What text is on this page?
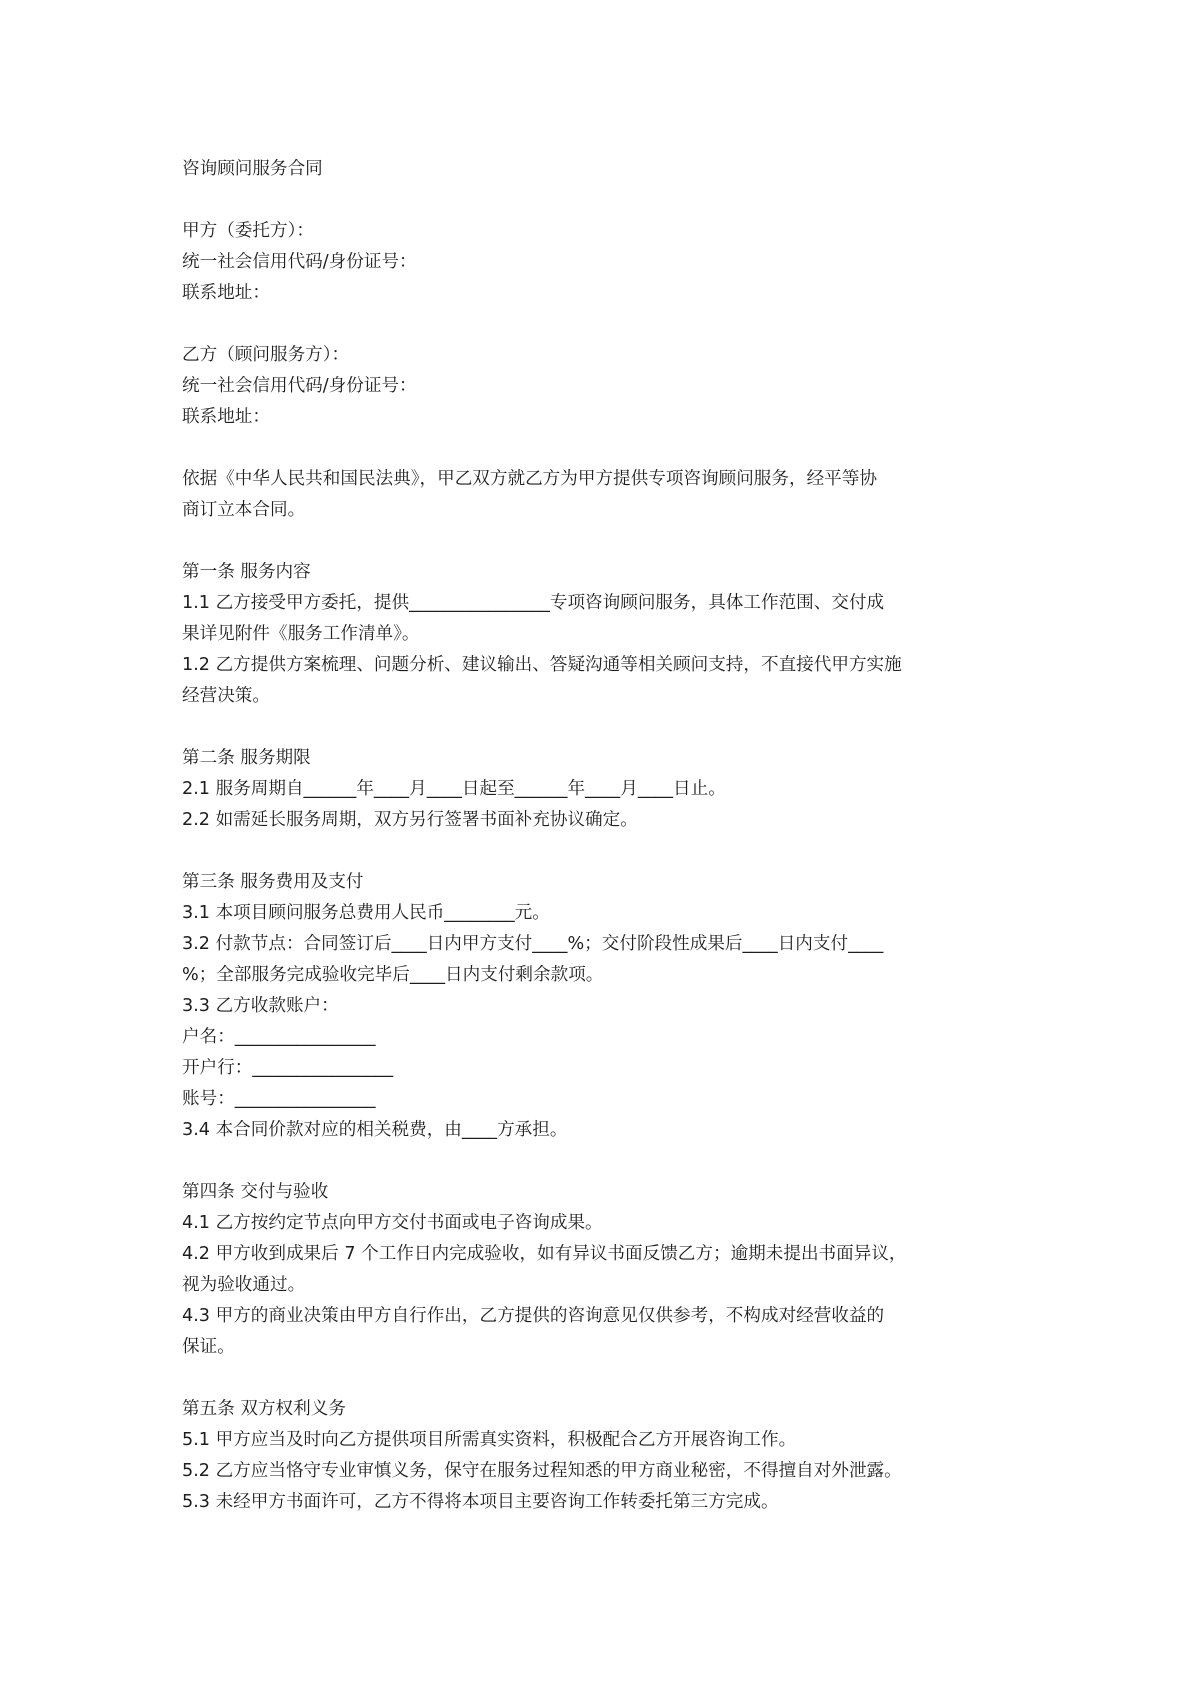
咨询顾问服务合同

甲方（委托方）：

统一社会信用代码/身份证号：

联系地址：

乙方（顾问服务方）：

统一社会信用代码/身份证号：

联系地址：

依据《中华人民共和国民法典》，甲乙双方就乙方为甲方提供专项咨询顾问服务，经平等协

商订立本合同。

第一条 服务内容

1.1 乙方接受甲方委托，提供________________专项咨询顾问服务，具体工作范围、交付成

果详见附件《服务工作清单》。

1.2 乙方提供方案梳理、问题分析、建议输出、答疑沟通等相关顾问支持，不直接代甲方实施

经营决策。

第二条 服务期限

2.1 服务周期自______年____月____日起至______年____月____日止。

2.2 如需延长服务周期，双方另行签署书面补充协议确定。

第三条 服务费用及支付

3.1 本项目顾问服务总费用人民币________元。

3.2 付款节点：合同签订后____日内甲方支付____%；交付阶段性成果后____日内支付____

%；全部服务完成验收完毕后____日内支付剩余款项。

3.3 乙方收款账户：

户名：________________

开户行：________________

账号：________________

3.4 本合同价款对应的相关税费，由____方承担。

第四条 交付与验收

4.1 乙方按约定节点向甲方交付书面或电子咨询成果。

4.2 甲方收到成果后 7 个工作日内完成验收，如有异议书面反馈乙方；逾期未提出书面异议，

视为验收通过。

4.3 甲方的商业决策由甲方自行作出，乙方提供的咨询意见仅供参考，不构成对经营收益的

保证。

第五条 双方权利义务

5.1 甲方应当及时向乙方提供项目所需真实资料，积极配合乙方开展咨询工作。

5.2 乙方应当恪守专业审慎义务，保守在服务过程知悉的甲方商业秘密，不得擅自对外泄露。

5.3 未经甲方书面许可，乙方不得将本项目主要咨询工作转委托第三方完成。
